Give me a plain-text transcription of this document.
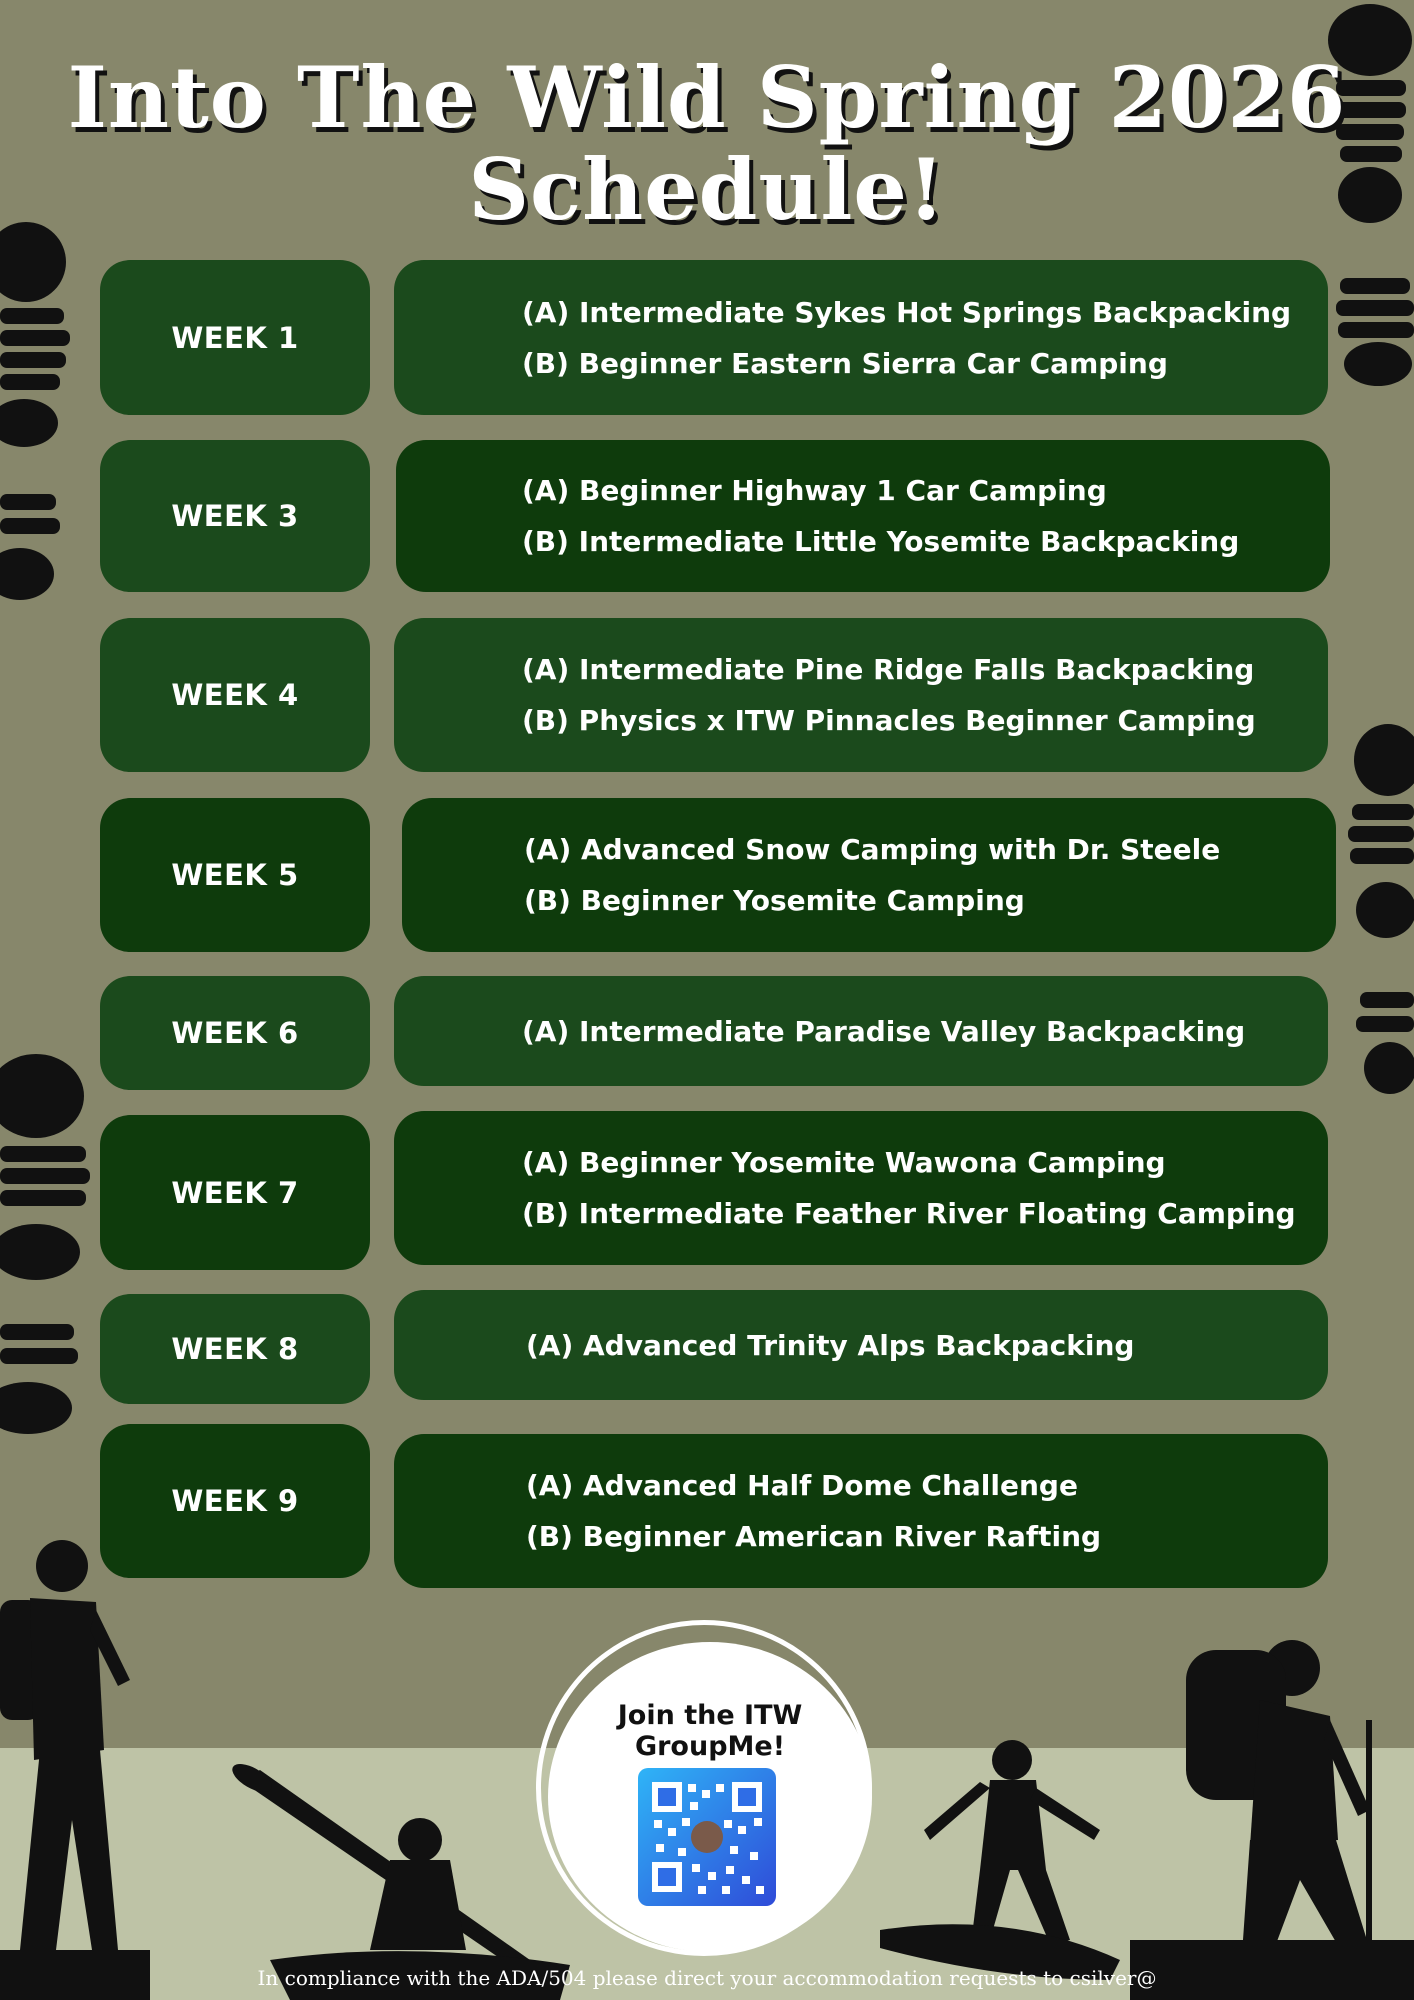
Into The Wild Spring 2026
Schedule!
WEEK 1
(A) Intermediate Sykes Hot Springs Backpacking
(B) Beginner Eastern Sierra Car Camping
WEEK 3
(A) Beginner Highway 1 Car Camping
(B) Intermediate Little Yosemite Backpacking
WEEK 4
(A) Intermediate Pine Ridge Falls Backpacking
(B) Physics x ITW Pinnacles Beginner Camping
WEEK 5
(A) Advanced Snow Camping with Dr. Steele
(B) Beginner Yosemite Camping
WEEK 6	(A) Intermediate Paradise Valley Backpacking
WEEK 7
(A) Beginner Yosemite Wawona Camping
(B) Intermediate Feather River Floating Camping
WEEK 8	(A) Advanced Trinity Alps Backpacking
WEEK 9	(A) Advanced Half Dome Challenge
(B) Beginner American River Rafting
Join the ITW
GroupMe!
In compliance with the ADA/504 please direct your accommodation requests to csilver@
